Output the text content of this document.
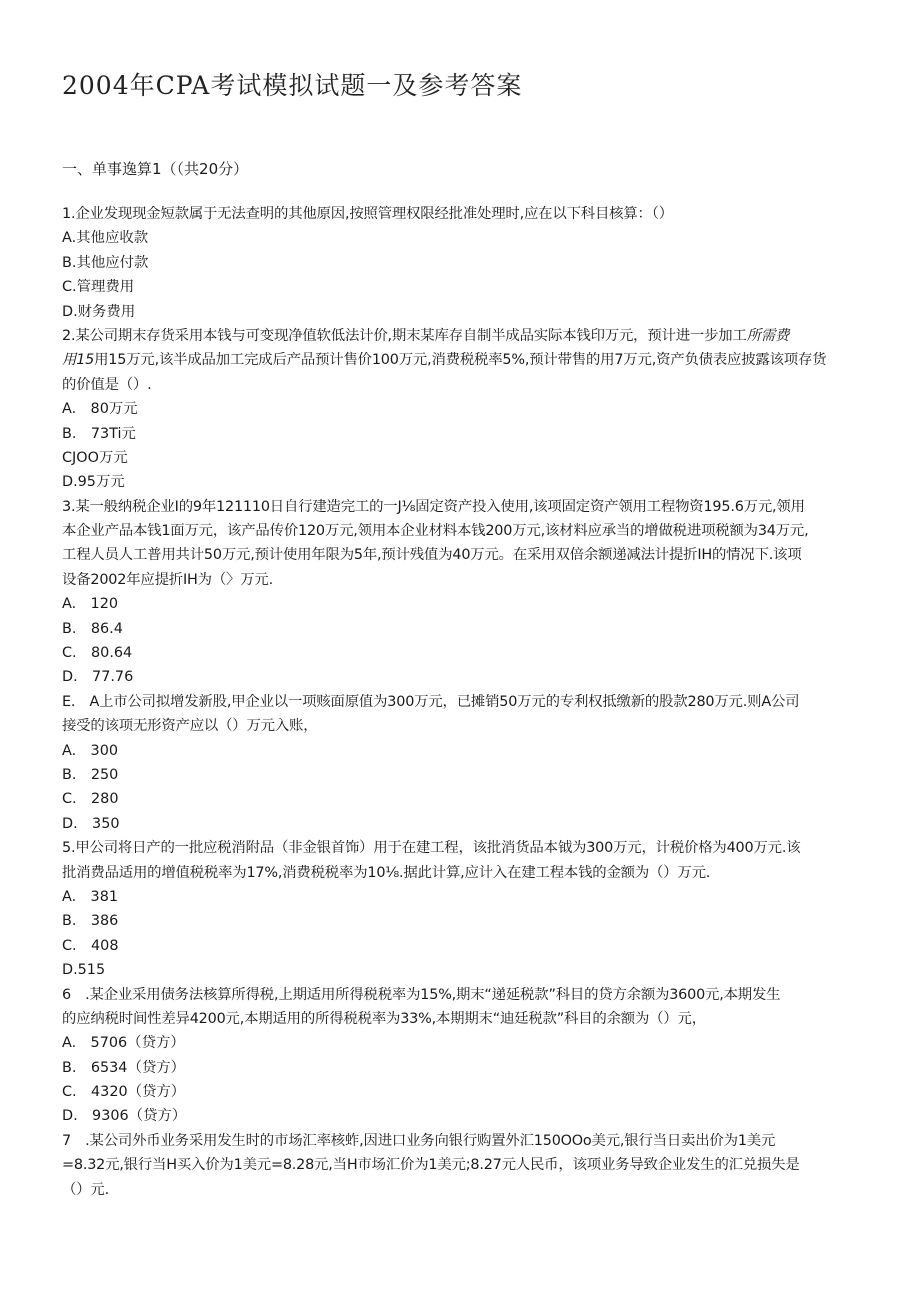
2004年CPA考试模拟试题一及参考答案
一、单事逸算1（（共20分）
1.企业发现现金短款属于无法查明的其他原因,按照管理权限经批准处理时,应在以下科目核算：（）
A.其他应收款
B.其他应付款
C.管理费用
D.财务费用
2.某公司期末存货采用本钱与可变现净值软低法计价,期末某库存自制半成品实际本钱印万元，预计进一步加工所需费
用15用15万元,该半成品加工完成后产品预计售价100万元,消费税税率5%,预计带售的用7万元,资产负债表应披露该项存货
的价值是（）.
A.　80万元
B.　73Ti元
CJOO万元
D.95万元
3.某一般纳税企业I的9年121110日自行建造完工的一J⅛固定资产投入使用,该项固定资产领用工程物资195.6万元,领用
本企业产品本钱1面万元，该产品传价120万元,领用本企业材料本钱200万元,该材料应承当的增做税进项税额为34万元,
工程人员人工普用共计50万元,预计使用年限为5年,预计残值为40万元。在采用双倍余额递减法计提折IH的情况下.该项
设备2002年应提折IH为（〉万元.
A.　120
B.　86.4
C.　80.64
D.　77.76
E.　A上市公司拟增发新股,甲企业以一项赅面原值为300万元，已摊销50万元的专利权抵缴新的股款280万元.则A公司
接受的该项无形资产应以（）万元入账，
A.　300
B.　250
C.　280
D.　350
5.甲公司将日产的一批应税消附品（非金银首饰）用于在建工程，该批消货品本钺为300万元，计税价格为400万元.该
批消费品适用的增值税税率为17%,消费税税率为10⅛.据此计算,应计入在建工程本钱的金额为（）万元.
A.　381
B.　386
C.　408
D.515
6　.某企业采用债务法核算所得税,上期适用所得税税率为15%,期末“递延税款”科目的贷方余额为3600元,本期发生
的应纳税时间性差异4200元,本期适用的所得税税率为33%,本期期末“迪廷税款”科目的余额为（）元，
A.　5706（贷方）
B.　6534（贷方）
C.　4320（贷方）
D.　9306（贷方）
7　.某公司外币业务采用发生时的市场汇率核蚱,因进口业务向银行购置外汇150OOo美元,银行当日卖出价为1美元
=8.32元,银行当H买入价为1美元=8.28元,当H市场汇价为1美元;8.27元人民币，该项业务导致企业发生的汇兑损失是
（）元.
